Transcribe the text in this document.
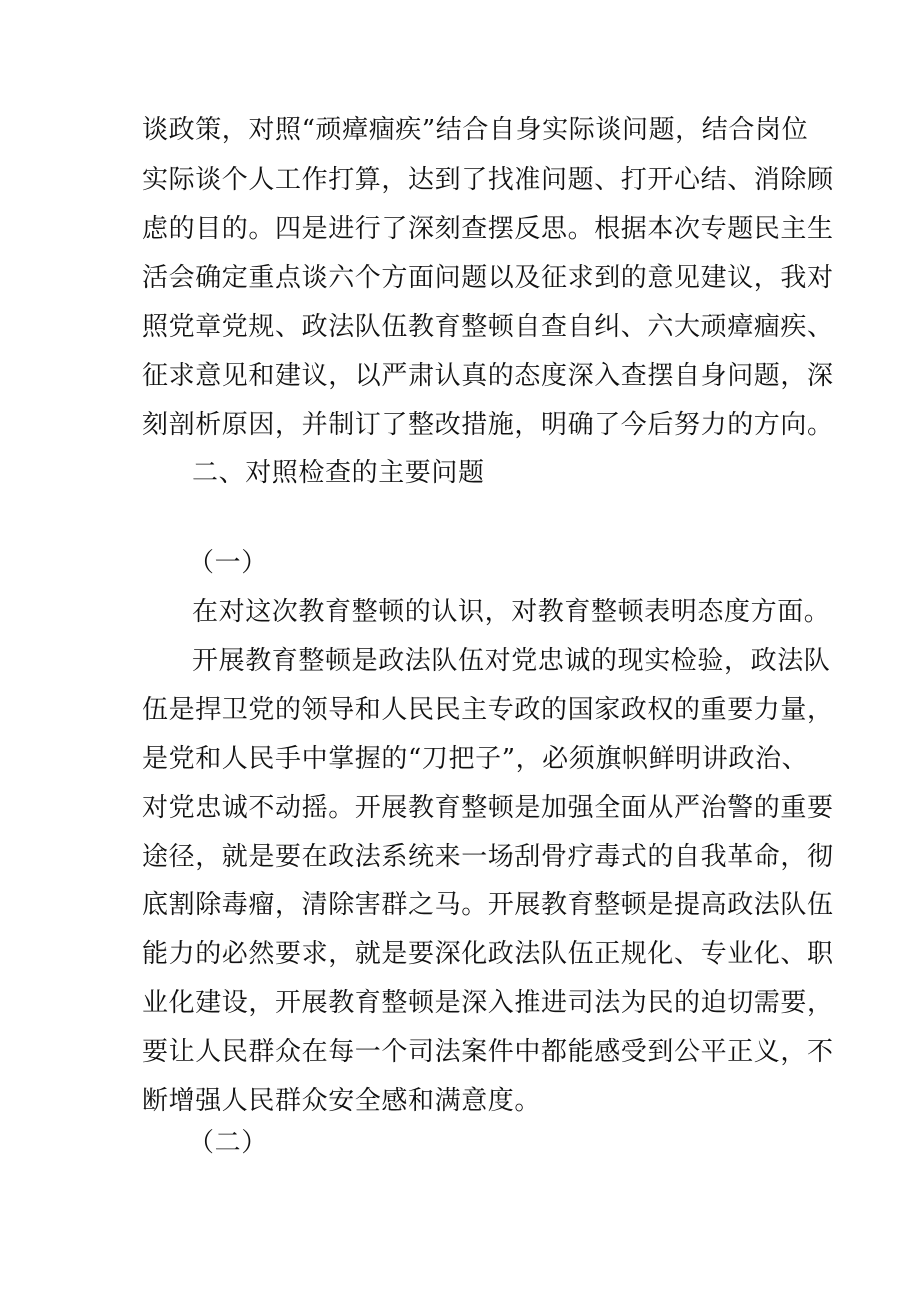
谈政策，对照“顽瘴痼疾”结合自身实际谈问题，结合岗位
实际谈个人工作打算，达到了找准问题、打开心结、消除顾
虑的目的。四是进行了深刻查摆反思。根据本次专题民主生
活会确定重点谈六个方面问题以及征求到的意见建议，我对
照党章党规、政法队伍教育整顿自查自纠、六大顽瘴痼疾、
征求意见和建议，以严肃认真的态度深入查摆自身问题，深
刻剖析原因，并制订了整改措施，明确了今后努力的方向。
二、对照检查的主要问题
（一）
在对这次教育整顿的认识，对教育整顿表明态度方面。
开展教育整顿是政法队伍对党忠诚的现实检验，政法队
伍是捍卫党的领导和人民民主专政的国家政权的重要力量，
是党和人民手中掌握的“刀把子”，必须旗帜鲜明讲政治、
对党忠诚不动摇。开展教育整顿是加强全面从严治警的重要
途径，就是要在政法系统来一场刮骨疗毒式的自我革命，彻
底割除毒瘤，清除害群之马。开展教育整顿是提高政法队伍
能力的必然要求，就是要深化政法队伍正规化、专业化、职
业化建设，开展教育整顿是深入推进司法为民的迫切需要，
要让人民群众在每一个司法案件中都能感受到公平正义，不
断增强人民群众安全感和满意度。
（二）
